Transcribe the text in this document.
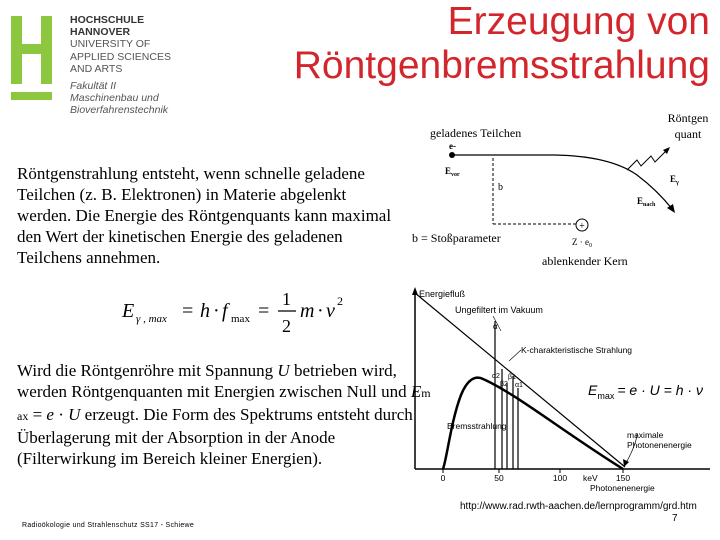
HOCHSCHULE
HANNOVER
UNIVERSITY OF
APPLIED SCIENCES
AND ARTS
Fakultät II
Maschinenbau und
Bioverfahrenstechnik
Erzeugung von
Röntgenbremsstrahlung
Röntgenstrahlung entsteht, wenn schnelle geladene Teilchen (z. B. Elektronen) in Materie abgelenkt werden. Die Energie des Röntgenquants kann maximal den Wert der kinetischen Energie des geladenen Teilchens annehmen.
E γ , max = h · f max =
1
2
m · v 2
Wird die Röntgenröhre mit Spannung U betrieben wird, werden Röntgenquanten mit Energien zwischen Null und Em ax = e · U erzeugt. Die Form des Spektrums entsteht durch Überlagerung mit der Absorption in der Anode (Filterwirkung im Bereich kleiner Energien).
geladenes Teilchen
Röntgen
quant
e-
$E_{vor}$	$E_\gamma$
$E_{nach}$
b
b = Stoßparameter
+
$Z \cdot e_0$
ablenkender Kern
Energiefluß
Ungefiltert im Vakuum
Bremsstrahlung
α
α2
β2
β1
α1
K-charakteristische Strahlung
$E_{max} = e \cdot U = h \cdot \nu$
maximale
Photonenenergie
0	50	100	150
keV
Photonenenergie
http://www.rad.rwth-aachen.de/lernprogramm/grd.htm
7
Radioökologie und Strahlenschutz SS17 - Schiewe
